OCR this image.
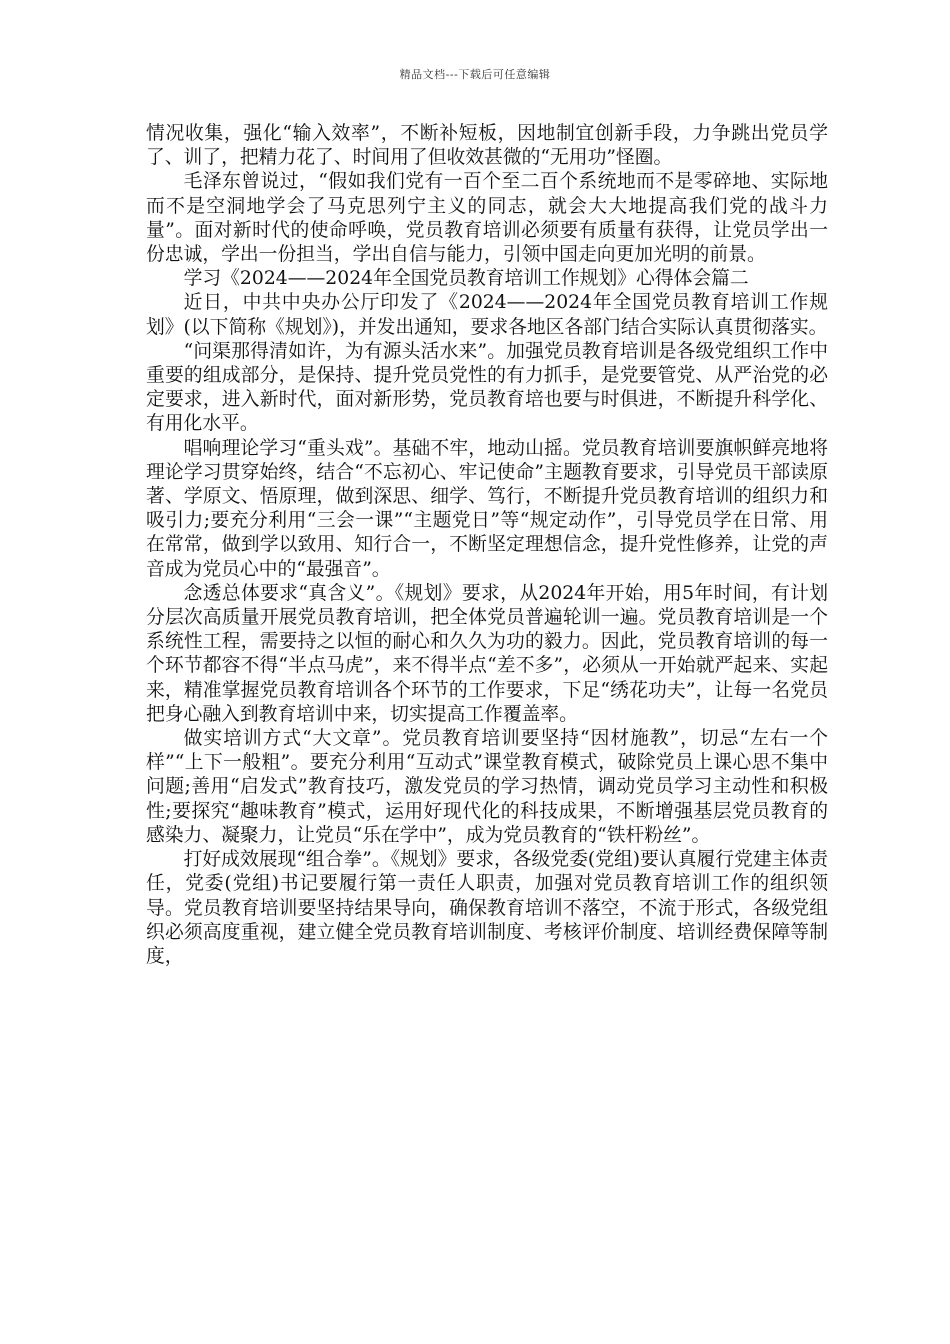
精品文档---下载后可任意编辑

情况收集，强化“输入效率”，不断补短板，因地制宜创新手段，力争跳出党员学了、训了，把精力花了、时间用了但收效甚微的“无用功”怪圈。

毛泽东曾说过，“假如我们党有一百个至二百个系统地而不是零碎地、实际地而不是空洞地学会了马克思列宁主义的同志，就会大大地提高我们党的战斗力量”。面对新时代的使命呼唤，党员教育培训必须要有质量有获得，让党员学出一份忠诚，学出一份担当，学出自信与能力，引领中国走向更加光明的前景。

学习《2024——2024年全国党员教育培训工作规划》心得体会篇二

近日，中共中央办公厅印发了《2024——2024年全国党员教育培训工作规划》(以下简称《规划》)，并发出通知，要求各地区各部门结合实际认真贯彻落实。

“问渠那得清如许，为有源头活水来”。加强党员教育培训是各级党组织工作中重要的组成部分，是保持、提升党员党性的有力抓手，是党要管党、从严治党的必定要求，进入新时代，面对新形势，党员教育培也要与时俱进，不断提升科学化、有用化水平。

唱响理论学习“重头戏”。基础不牢，地动山摇。党员教育培训要旗帜鲜亮地将理论学习贯穿始终，结合“不忘初心、牢记使命”主题教育要求，引导党员干部读原著、学原文、悟原理，做到深思、细学、笃行，不断提升党员教育培训的组织力和吸引力;要充分利用“三会一课”“主题党日”等“规定动作”，引导党员学在日常、用在常常，做到学以致用、知行合一，不断坚定理想信念，提升党性修养，让党的声音成为党员心中的“最强音”。

念透总体要求“真含义”。《规划》要求，从2024年开始，用5年时间，有计划分层次高质量开展党员教育培训，把全体党员普遍轮训一遍。党员教育培训是一个系统性工程，需要持之以恒的耐心和久久为功的毅力。因此，党员教育培训的每一个环节都容不得“半点马虎”，来不得半点“差不多”，必须从一开始就严起来、实起来，精准掌握党员教育培训各个环节的工作要求，下足“绣花功夫”，让每一名党员把身心融入到教育培训中来，切实提高工作覆盖率。

做实培训方式“大文章”。党员教育培训要坚持“因材施教”，切忌“左右一个样”“上下一般粗”。要充分利用“互动式”课堂教育模式，破除党员上课心思不集中问题;善用“启发式”教育技巧，激发党员的学习热情，调动党员学习主动性和积极性;要探究“趣味教育”模式，运用好现代化的科技成果，不断增强基层党员教育的感染力、凝聚力，让党员“乐在学中”，成为党员教育的“铁杆粉丝”。

打好成效展现“组合拳”。《规划》要求，各级党委(党组)要认真履行党建主体责任，党委(党组)书记要履行第一责任人职责，加强对党员教育培训工作的组织领导。党员教育培训要坚持结果导向，确保教育培训不落空，不流于形式，各级党组织必须高度重视，建立健全党员教育培训制度、考核评价制度、培训经费保障等制度，
